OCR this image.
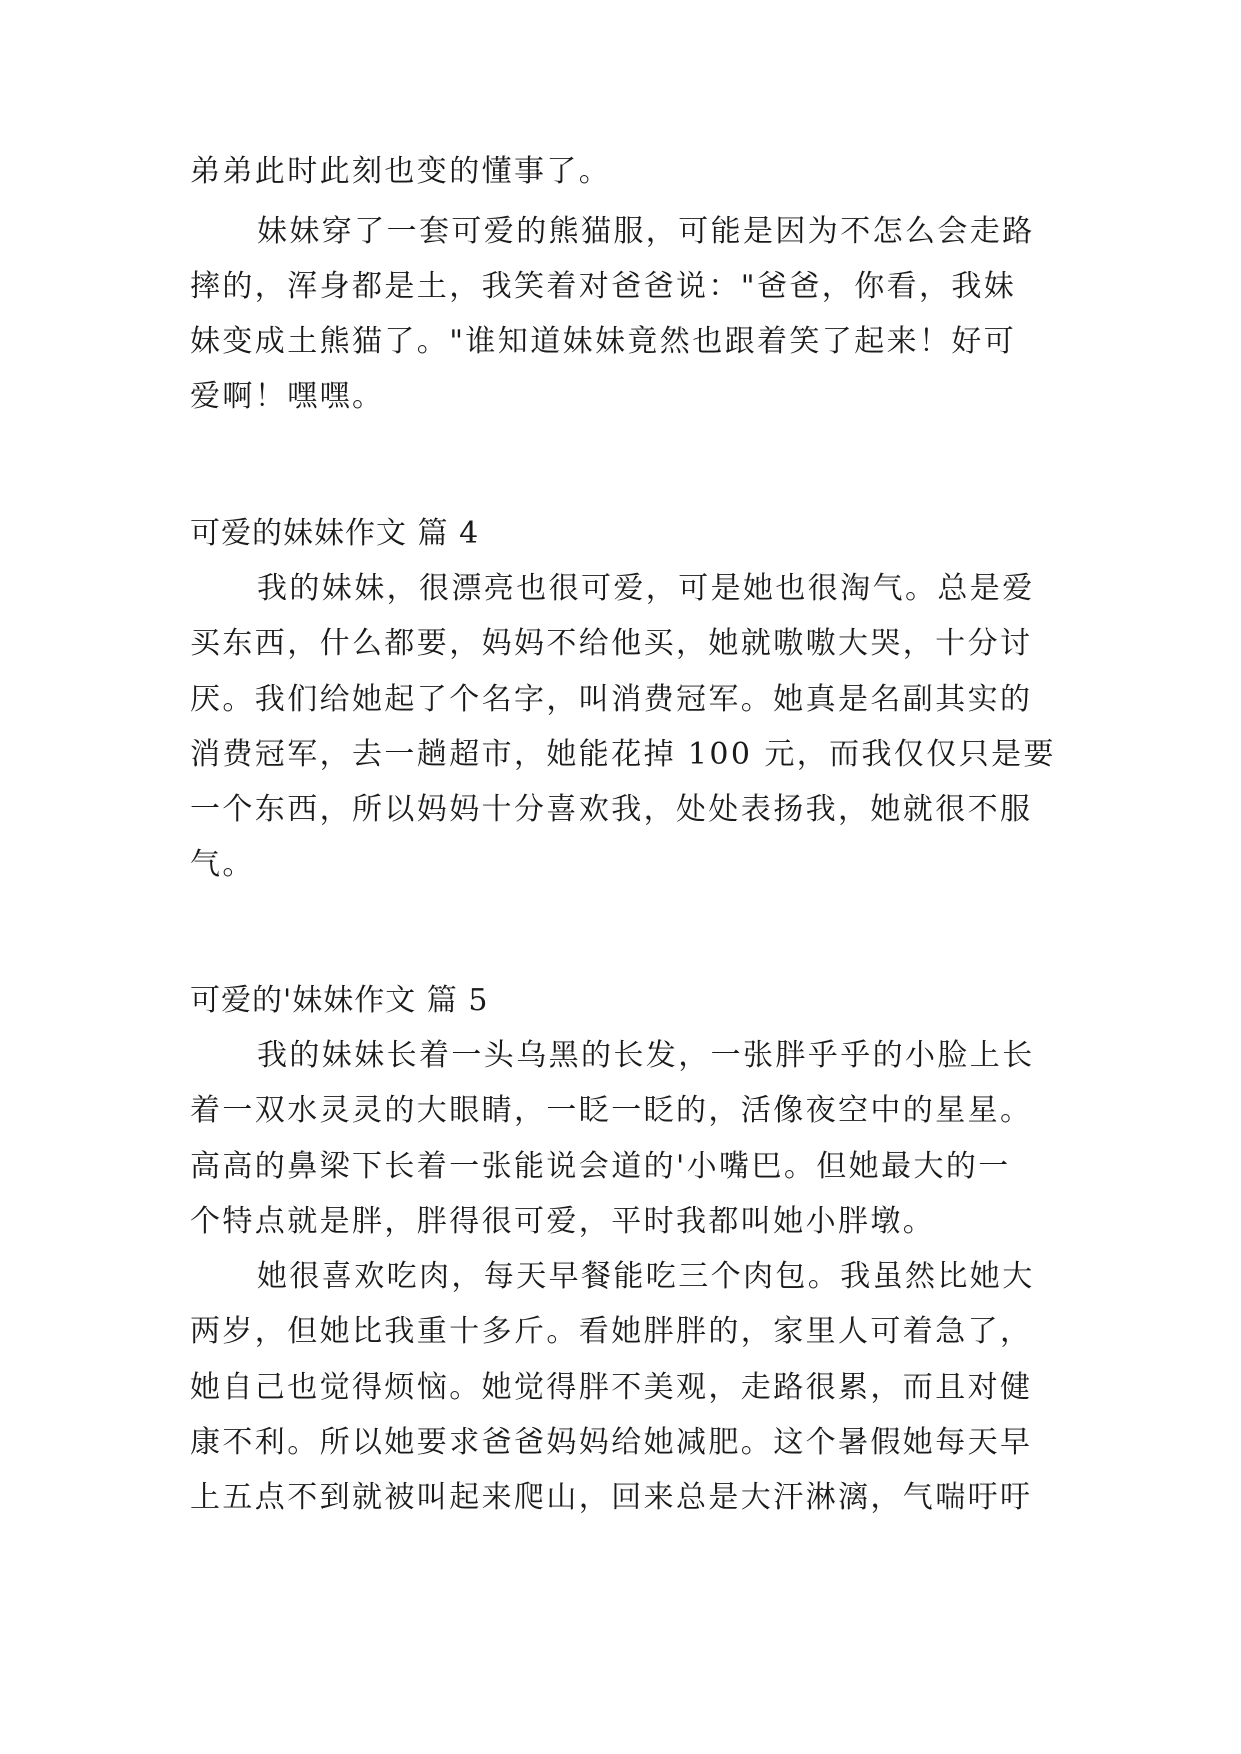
弟弟此时此刻也变的懂事了。
妹妹穿了一套可爱的熊猫服，可能是因为不怎么会走路
摔的，浑身都是土，我笑着对爸爸说："爸爸，你看，我妹
妹变成土熊猫了。"谁知道妹妹竟然也跟着笑了起来！好可
爱啊！嘿嘿。
可爱的妹妹作文 篇 4
我的妹妹，很漂亮也很可爱，可是她也很淘气。总是爱
买东西，什么都要，妈妈不给他买，她就嗷嗷大哭，十分讨
厌。我们给她起了个名字，叫消费冠军。她真是名副其实的
消费冠军，去一趟超市，她能花掉 100 元，而我仅仅只是要
一个东西，所以妈妈十分喜欢我，处处表扬我，她就很不服
气。
可爱的'妹妹作文 篇 5
我的妹妹长着一头乌黑的长发，一张胖乎乎的小脸上长
着一双水灵灵的大眼睛，一眨一眨的，活像夜空中的星星。
高高的鼻梁下长着一张能说会道的'小嘴巴。但她最大的一
个特点就是胖，胖得很可爱，平时我都叫她小胖墩。
她很喜欢吃肉，每天早餐能吃三个肉包。我虽然比她大
两岁，但她比我重十多斤。看她胖胖的，家里人可着急了，
她自己也觉得烦恼。她觉得胖不美观，走路很累，而且对健
康不利。所以她要求爸爸妈妈给她减肥。这个暑假她每天早
上五点不到就被叫起来爬山，回来总是大汗淋漓，气喘吁吁
